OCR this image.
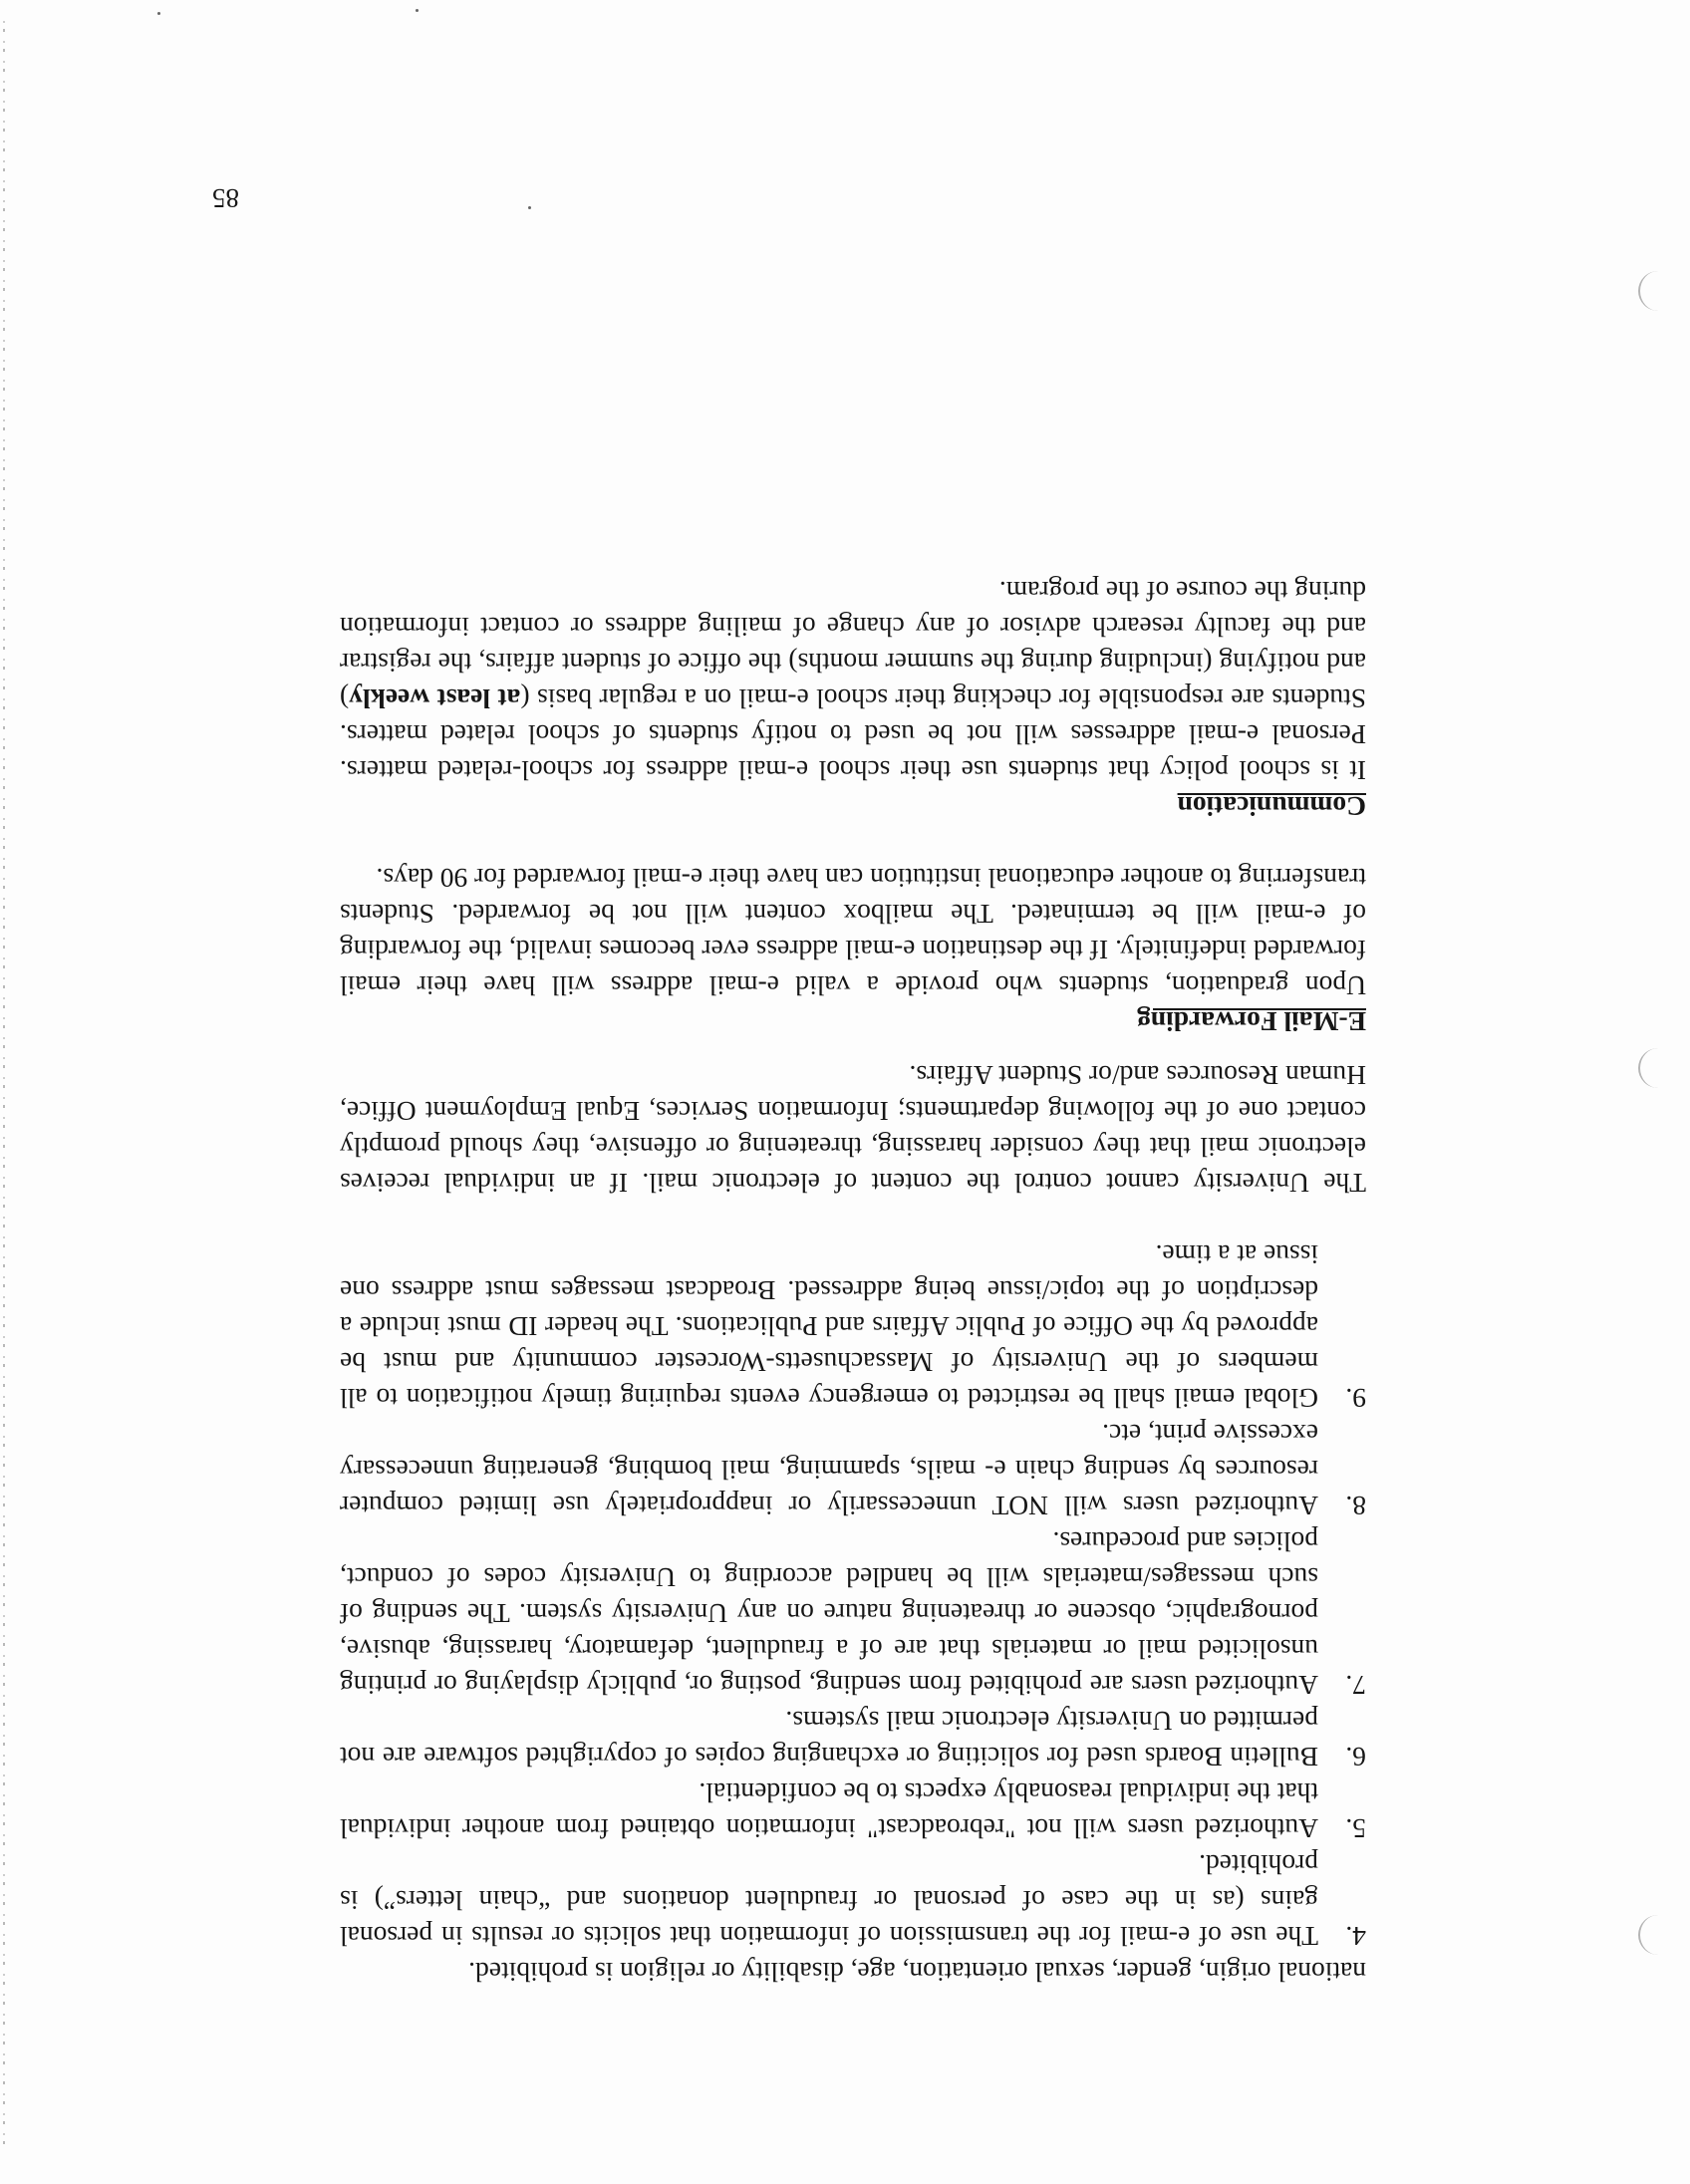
national origin, gender, sexual orientation, age, disability or religion is prohibited.

4.

The use of e-mail for the transmission of information that solicits or results in personal gains (as in the case of personal or fraudulent donations and “chain letters”) is prohibited.

5.

Authorized users will not "rebroadcast" information obtained from another individual that the individual reasonably expects to be confidential.

6.

Bulletin Boards used for soliciting or exchanging copies of copyrighted software are not permitted on University electronic mail systems.

7.

Authorized users are prohibited from sending, posting or, publicly displaying or printing unsolicited mail or materials that are of a fraudulent, defamatory, harassing, abusive, pornographic, obscene or threatening nature on any University system. The sending of such messages/materials will be handled according to University codes of conduct, policies and procedures.

8.

Authorized users will NOT unnecessarily or inappropriately use limited computer resources by sending chain e- mails, spamming, mail bombing, generating unnecessary excessive print, etc.

9.

Global email shall be restricted to emergency events requiring timely notification to all members of the University of Massachusetts-Worcester community and must be approved by the Office of Public Affairs and Publications. The header ID must include a description of the topic/issue being addressed. Broadcast messages must address one issue at a time.

The University cannot control the content of electronic mail. If an individual receives electronic mail that they consider harassing, threatening or offensive, they should promptly contact one of the following departments; Information Services, Equal Employment Office, Human Resources and/or Student Affairs.

E-Mail Forwarding

Upon graduation, students who provide a valid e-mail address will have their email forwarded indefinitely. If the destination e-mail address ever becomes invalid, the forwarding of e-mail will be terminated. The mailbox content will not be forwarded. Students transferring to another educational institution can have their e-mail forwarded for 90 days.

Communication

It is school policy that students use their school e-mail address for school-related matters. Personal e-mail addresses will not be used to notify students of school related matters. Students are responsible for checking their school e-mail on a regular basis (at least weekly) and notifying (including during the summer months) the office of student affairs, the registrar and the faculty research advisor of any change of mailing address or contact information during the course of the program.

85
